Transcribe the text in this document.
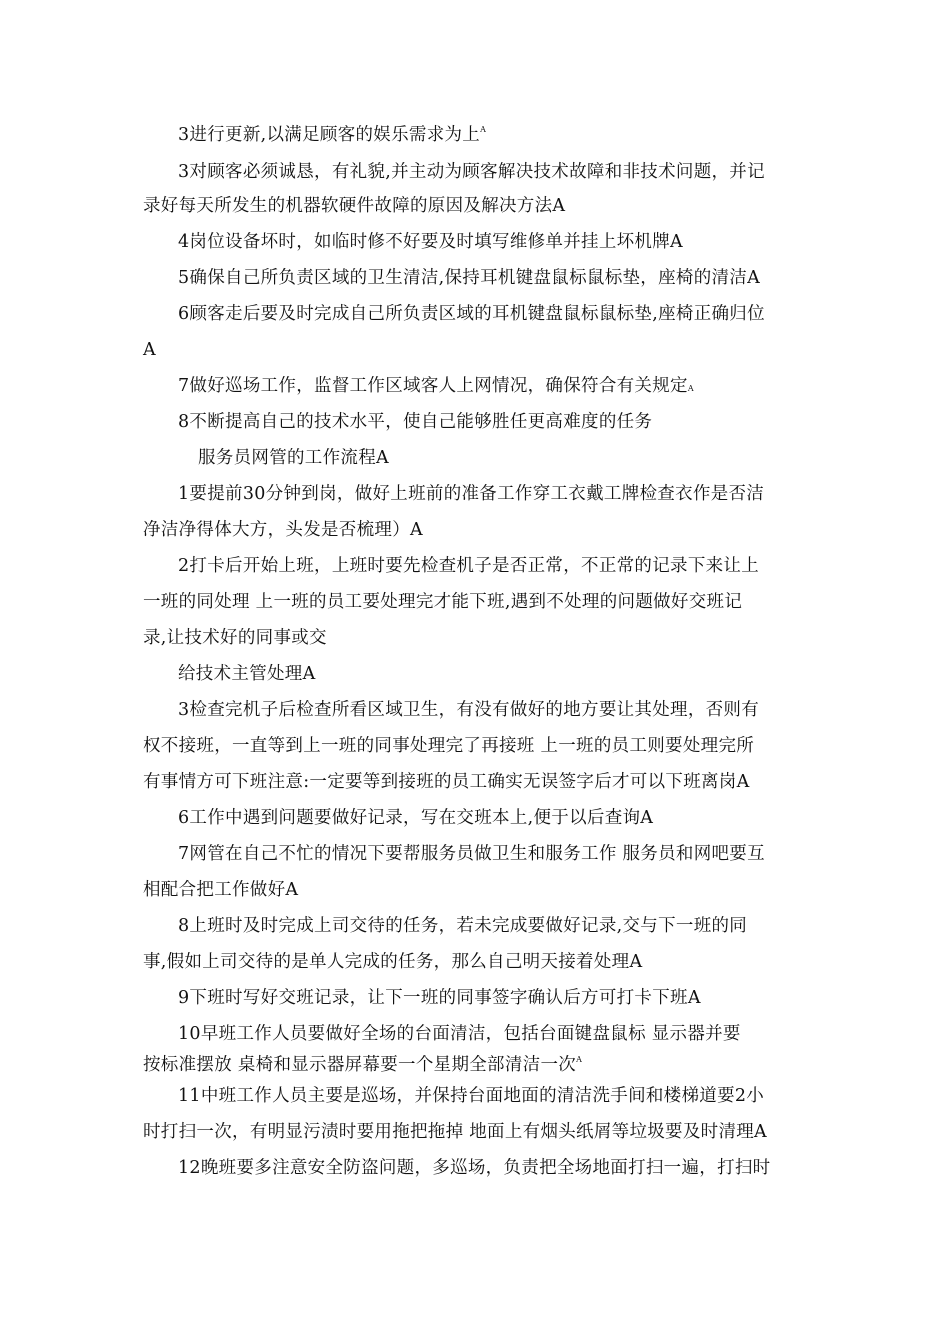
3进行更新,以满足顾客的娱乐需求为上$^A$
3对顾客必须诚恳，有礼貌,并主动为顾客解决技术故障和非技术问题，并记
录好每天所发生的机器软硬件故障的原因及解决方法A
4岗位设备坏时，如临时修不好要及时填写维修单并挂上坏机牌A
5确保自己所负责区域的卫生清洁,保持耳机键盘鼠标鼠标垫，座椅的清洁A
6顾客走后要及时完成自己所负责区域的耳机键盘鼠标鼠标垫,座椅正确归位
A
7做好巡场工作，监督工作区域客人上网情况，确保符合有关规定A
8不断提高自己的技术水平，使自己能够胜任更高难度的任务
服务员网管的工作流程A
1要提前30分钟到岗，做好上班前的准备工作穿工衣戴工牌检查衣作是否洁
净洁净得体大方，头发是否梳理）A
2打卡后开始上班，上班时要先检查机子是否正常，不正常的记录下来让上
一班的同处理 上一班的员工要处理完才能下班,遇到不处理的问题做好交班记
录,让技术好的同事或交
给技术主管处理A
3检查完机子后检查所看区域卫生，有没有做好的地方要让其处理，否则有
权不接班，一直等到上一班的同事处理完了再接班 上一班的员工则要处理完所
有事情方可下班注意:一定要等到接班的员工确实无误签字后才可以下班离岗A
6工作中遇到问题要做好记录，写在交班本上,便于以后查询A
7网管在自己不忙的情况下要帮服务员做卫生和服务工作 服务员和网吧要互
相配合把工作做好A
8上班时及时完成上司交待的任务，若未完成要做好记录,交与下一班的同
事,假如上司交待的是单人完成的任务，那么自己明天接着处理A
9下班时写好交班记录，让下一班的同事签字确认后方可打卡下班A
10早班工作人员要做好全场的台面清洁，包括台面键盘鼠标 显示器并要
按标准摆放 桌椅和显示器屏幕要一个星期全部清洁一次$^A$
11中班工作人员主要是巡场，并保持台面地面的清洁洗手间和楼梯道要2小
时打扫一次，有明显污渍时要用拖把拖掉 地面上有烟头纸屑等垃圾要及时清理A
12晚班要多注意安全防盗问题，多巡场，负责把全场地面打扫一遍，打扫时
